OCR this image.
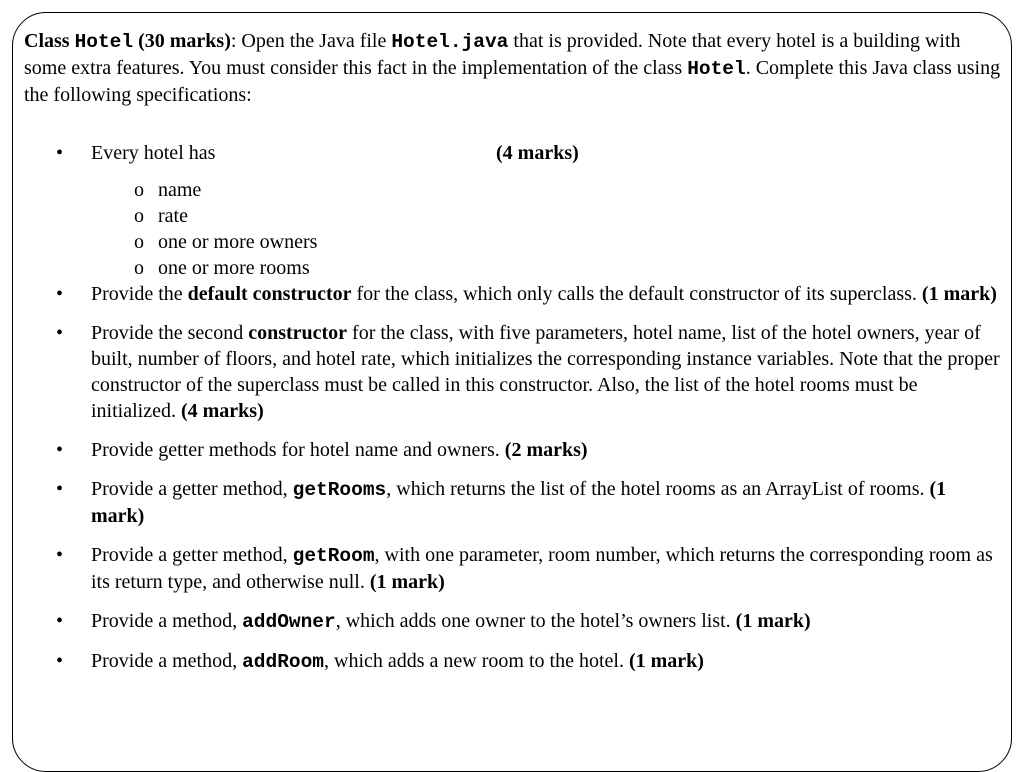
Class Hotel (30 marks): Open the Java file Hotel.java that is provided. Note that every hotel is a building with some extra features. You must consider this fact in the implementation of the class Hotel. Complete this Java class using the following specifications:

• Every hotel has	(4 marks)
o name
o rate
o one or more owners
o one or more rooms
• Provide the default constructor for the class, which only calls the default constructor of its superclass. (1 mark)
• Provide the second constructor for the class, with five parameters, hotel name, list of the hotel owners, year of built, number of floors, and hotel rate, which initializes the corresponding instance variables. Note that the proper constructor of the superclass must be called in this constructor. Also, the list of the hotel rooms must be initialized. (4 marks)
• Provide getter methods for hotel name and owners. (2 marks)
• Provide a getter method, getRooms, which returns the list of the hotel rooms as an ArrayList of rooms. (1 mark)
• Provide a getter method, getRoom, with one parameter, room number, which returns the corresponding room as its return type, and otherwise null. (1 mark)
• Provide a method, addOwner, which adds one owner to the hotel’s owners list. (1 mark)
• Provide a method, addRoom, which adds a new room to the hotel. (1 mark)
